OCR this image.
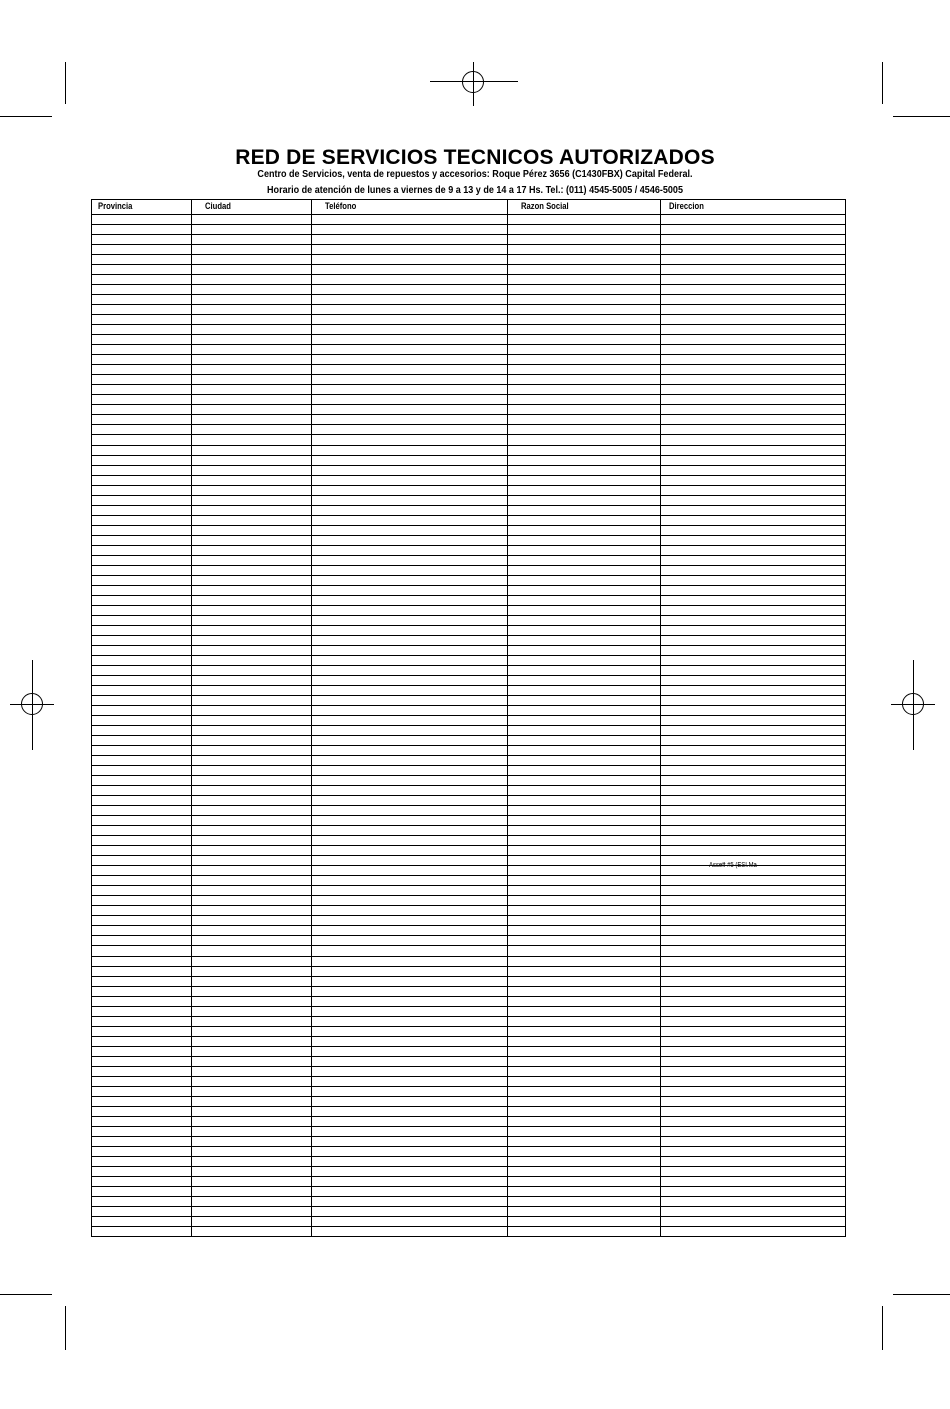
RED DE SERVICIOS TECNICOS AUTORIZADOS
Centro de Servicios, venta de repuestos y accesorios: Roque Pérez 3656 (C1430FBX) Capital Federal.
Horario de atención de lunes a viernes de 9 a 13 y de 14 a 17 Hs. Tel.: (011) 4545-5005 / 4546-5005
Provincia	Ciudad	Teléfono	Razon Social	Direccion
Asseff #5 (ESI.Ma
